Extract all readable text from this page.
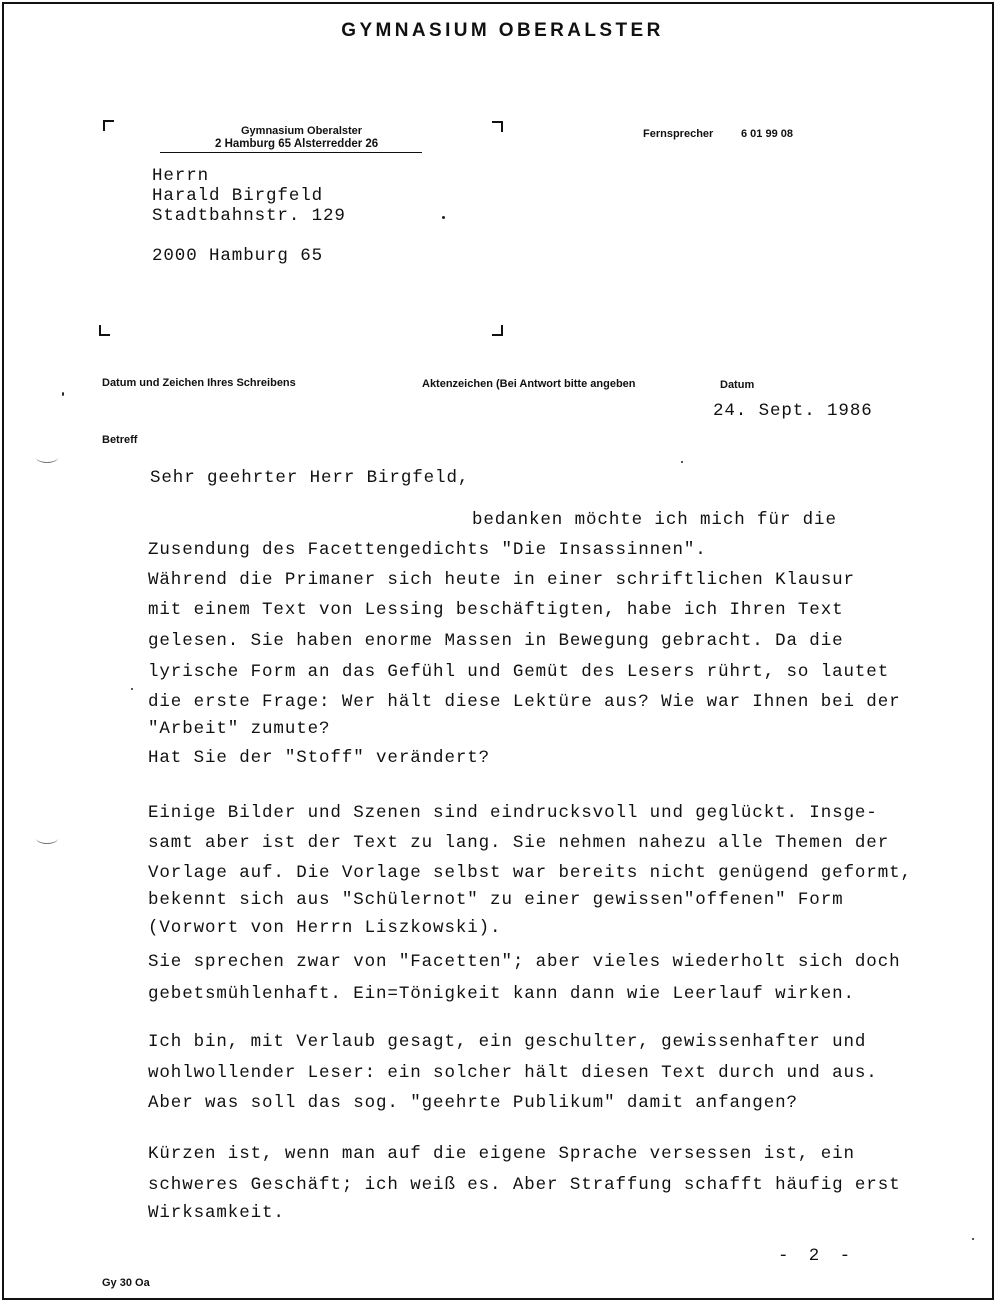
GYMNASIUM OBERALSTER
Gymnasium Oberalster
2 Hamburg 65 Alsterredder 26
Fernsprecher	6 01 99 08
Herrn
Harald Birgfeld
Stadtbahnstr. 129
2000 Hamburg 65
Datum und Zeichen Ihres Schreibens	Aktenzeichen (Bei Antwort bitte angeben	Datum
24. Sept. 1986
Betreff
Sehr geehrter Herr Birgfeld,
bedanken möchte ich mich für die
Zusendung des Facettengedichts "Die Insassinnen".
Während die Primaner sich heute in einer schriftlichen Klausur
mit einem Text von Lessing beschäftigten, habe ich Ihren Text
gelesen. Sie haben enorme Massen in Bewegung gebracht. Da die
lyrische Form an das Gefühl und Gemüt des Lesers rührt, so lautet
die erste Frage: Wer hält diese Lektüre aus? Wie war Ihnen bei der
"Arbeit" zumute?
Hat Sie der "Stoff" verändert?
Einige Bilder und Szenen sind eindrucksvoll und geglückt. Insge-
samt aber ist der Text zu lang. Sie nehmen nahezu alle Themen der
Vorlage auf. Die Vorlage selbst war bereits nicht genügend geformt,
bekennt sich aus "Schülernot" zu einer gewissen"offenen" Form
(Vorwort von Herrn Liszkowski).
Sie sprechen zwar von "Facetten"; aber vieles wiederholt sich doch
gebetsmühlenhaft. Ein=Tönigkeit kann dann wie Leerlauf wirken.
Ich bin, mit Verlaub gesagt, ein geschulter, gewissenhafter und
wohlwollender Leser: ein solcher hält diesen Text durch und aus.
Aber was soll das sog. "geehrte Publikum" damit anfangen?
Kürzen ist, wenn man auf die eigene Sprache versessen ist, ein
schweres Geschäft; ich weiß es. Aber Straffung schafft häufig erst
Wirksamkeit.
- 2 -
Gy 30 Oa
